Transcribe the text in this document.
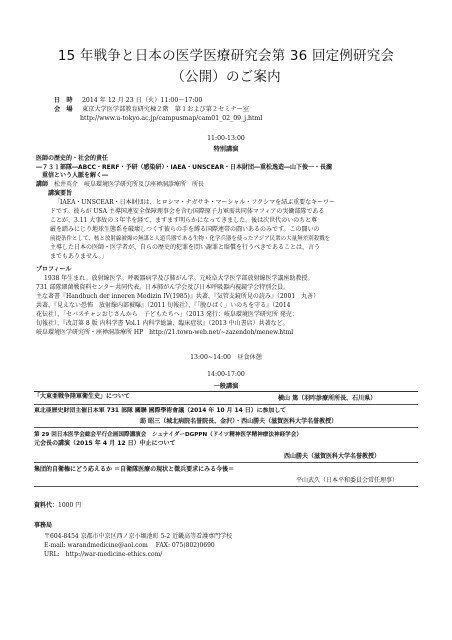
15 年戦争と日本の医学医療研究会第 36 回定例研究会
（公開）のご案内
日　時 2014 年 12 月 23 日（火）11:00～17:00
会　場 東京大学医学部教育研究棟２階　第１および第２セミナー室
http://www.u-tokyo.ac.jp/campusmap/cam01_02_09_j.html
11:00-13:00
特別講演
医師の歴史的・社会的責任
―７３１部隊―ABCC・RERF・予研（感染研）・IAEA・UNSCEAR・日本財団―重松逸造―山下俊一・長瀧
重信という人脈を解く―
講師　 松井英介　岐阜環境医学研究所及び座禅洞診療所　所長
講演要旨
「IAEA・UNSCEAR・日本財団は、ヒロシマ・ナガサキ・マーシャル・フクシマを結ぶ重要なキーワー
ドです。彼らが USA 主導国連安全保障理事会を含む国際原子力軍需共同体マフィアの実働部隊である
ことが、3.11 大事故の３年半を経て、ますます明らかになってきました。後は次世代のいのちと尊
厳を踏みにじり地球生態系を破壊しつくす彼らの手を縛る国際連帯の闘いあるのみです。この闘いの
前提条件として、核と放射線被爆の無謀と人道兵器である生物・化学兵器を使ったアジア民衆の大量無差別殺戮を
主導した日本の医師・医学者が、自らの歴史的犯罪を問い謝罪と賠償を行うべきであることは、言う
までもありません。」
プロフィール
1938 年生まれ。放射線医学。呼吸器病学及び肺がん学。元岐阜大学医学部放射線医学講座助教授。
731 部隊細菌戦資料センター共同代表。日本肺がん学会及び日本呼吸器内視鏡学会特別会員。
主な著書『Handbuch der inneren Medizin IV(1985)』共著、『気管支鏡所見の読み』（2001　丸善）
共著、『見えない恐怖　放射線内部被曝』（2011 旬報社）、『「脱ひばく」いのちを守る』（2014
花伝社）、「セバスチャンおじさんから　子どもたちへ」（2013 発行：岐阜環境医学研究所 発売：
旬報社）、『改訂第 8 版 内科学書 Vol.1 内科学総論、臨床症状』（2013 中山書店）共著など。
岐阜環境医学研究所・座禅洞診療所 HP　http://21.town-web.net/~zazendoh/menew.html
13:00~14:00　昼食休憩
14:00-17:00
一般講演
「大東亜戦争陸軍衛生史」について	横山 篤（羽咋診療所所長、石川県）
東北亜歴史財団主催日本軍 731 部隊 關聯 國際學術會議（2014 年 10 月 14 日）に参加して
莇 昭三（城北病院名誉院長、金沢）・西山勝夫（滋賀医科大学名誉教授）
第 29 回日本医学会総会平行企画国際講演会　シュナイダーDGPPN（ドイツ精神医学精神療法神経学会）
元会長の講演（2015 年 4 月 12 日）中止について
西山勝夫（滋賀医科大学名誉教授）
集団的自衛権にどう応えるか ＝自衛隊医療の現状と徴兵要求にみる今後＝
平山武久（日本平和委員会常任理事）
資料代：1000 円
事務局
〒604-8454 京都市中京区西ノ京小堀池町 5-2 近畿高等看護専門学校
E-mail: warandmedicine@aol.com　 FAX: 075(802)0690
URL:　http://war-medicine-ethics.com/
